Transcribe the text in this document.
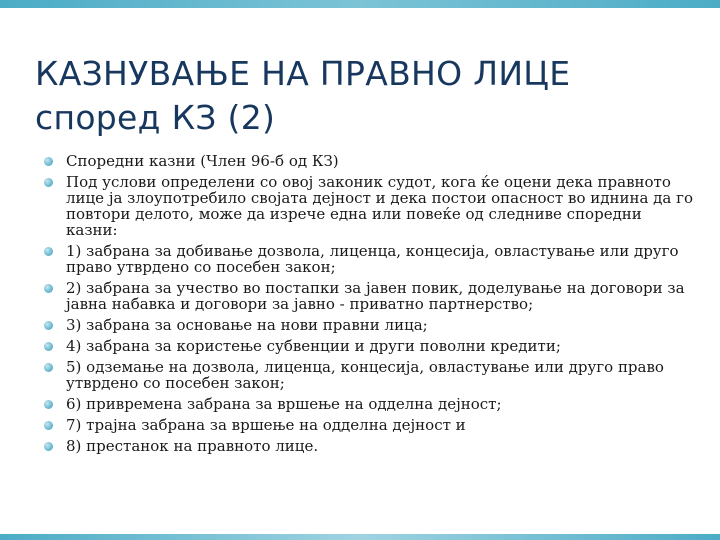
КАЗНУВАЊЕ НА ПРАВНО ЛИЦЕ
според КЗ (2)
Споредни казни (Член 96-б од КЗ)
Под услови определени со овој законик судот, кога ќе оцени дека правното лице ја злоупотребило својата дејност и дека постои опасност во иднина да го повтори делото, може да изрече една или повеќе од следниве споредни казни:
1) забрана за добивање дозвола, лиценца, концесија, овластување или друго право утврдено со посебен закон;
2) забрана за учество во постапки за јавен повик, доделување на договори за јавна набавка и договори за јавно - приватно партнерство;
3) забрана за основање на нови правни лица;
4) забрана за користење субвенции и други поволни кредити;
5) одземање на дозвола, лиценца, концесија, овластување или друго право утврдено со посебен закон;
6) привремена забрана за вршење на одделна дејност;
7) трајна забрана за вршење на одделна дејност и
8) престанок на правното лице.
